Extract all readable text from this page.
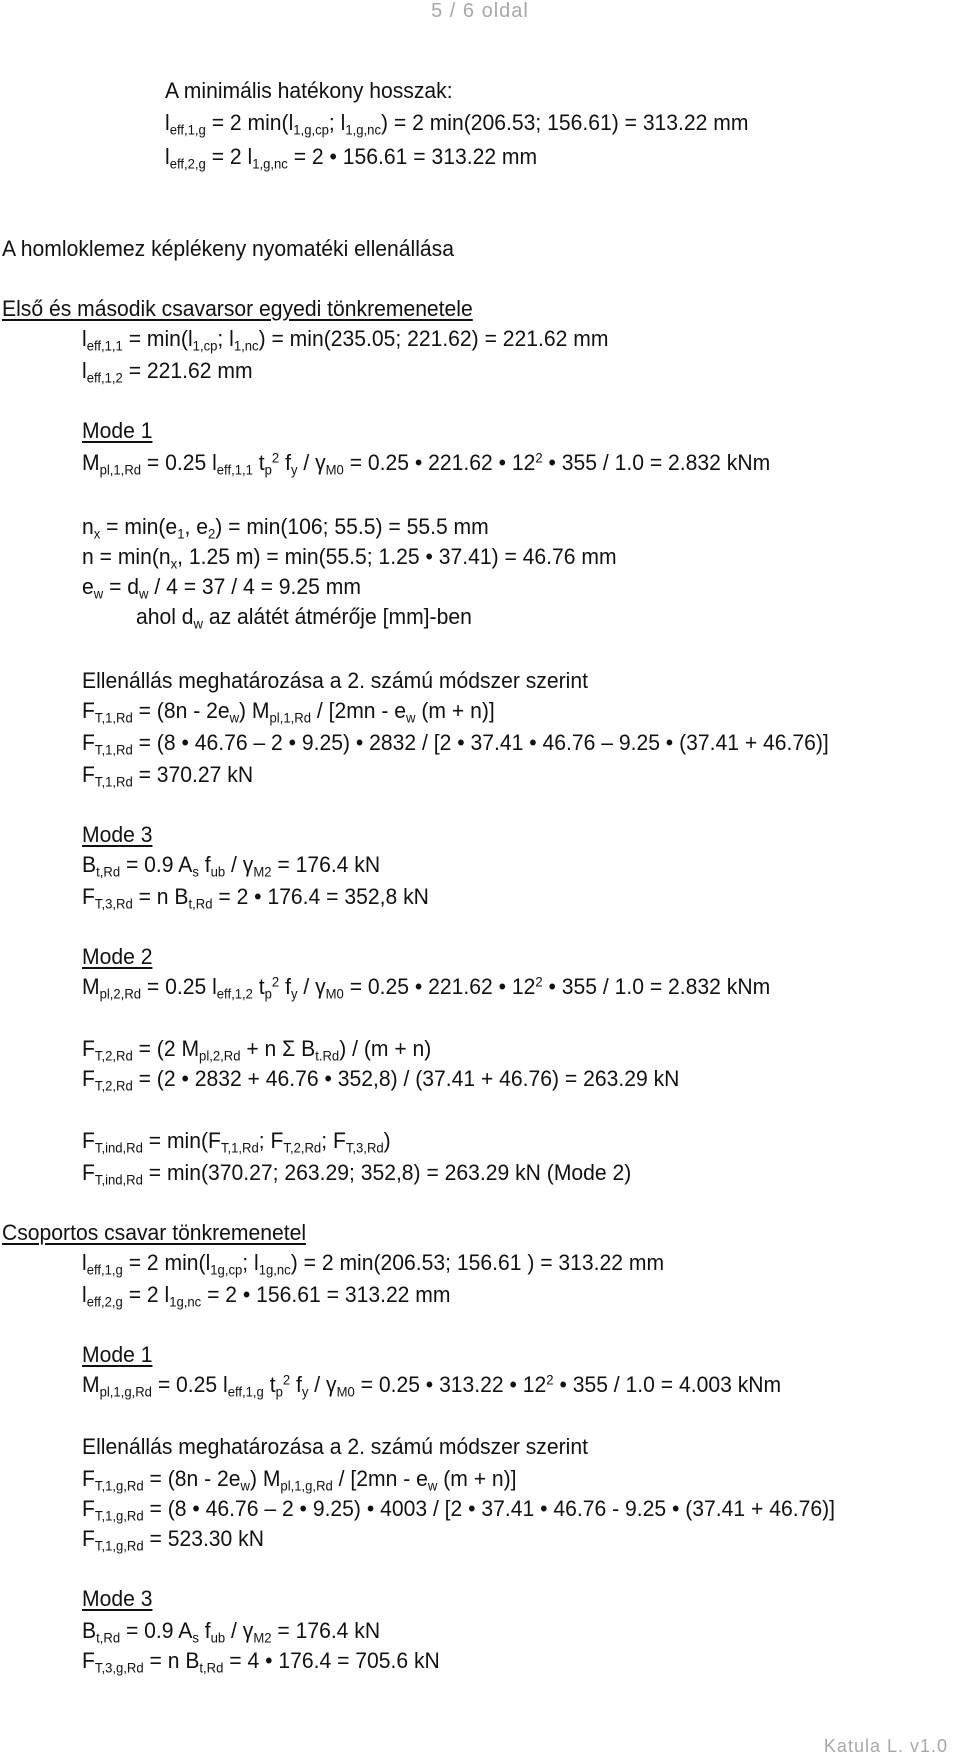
5 / 6 oldal
A minimális hatékony hosszak:
$l_{eff,1,g} = 2$ $\min(l_{1,g,cp}$; $l_{1,g,nc}) = 2$ min(206.53; 156.61) = 313.22 mm
$l_{eff,2,g} = 2$ $l_{1,g,nc} = 2$ • 156.61 = 313.22 mm
A homloklemez képlékeny nyomatéki ellenállása
Első és második csavarsor egyedi tönkremenetele
$l_{eff,1,1} = \min(l_{1,cp}$; $l_{1,nc}) = \min(235.05$; 221.62) = 221.62 mm
$l_{eff,1,2} = 221.62$ mm
Mode 1
$M_{pl,1,Rd} = 0.25$ $l_{eff,1,1}$ $t_p^2$ $f_y / \gamma_{M0} = 0.25$ • 221.62 • $12^2$ • 355 / 1.0 = 2.832 kNm
$n_x = \min(e_1$, $e_2) = \min(106$; 55.5) = 55.5 mm
$n = \min(n_x$, 1.25 m) = min(55.5; 1.25 • 37.41) = 46.76 mm
$e_w = d_w / 4 = 37 / 4 = 9.25$ mm
ahol $d_w$ az alátét átmérője [mm]-ben
Ellenállás meghatározása a 2. számú módszer szerint
$F_{T,1,Rd} = (8n - 2e_w)$ $M_{pl,1,Rd} / [2mn - e_w$ (m + n)]
$F_{T,1,Rd} = (8$ • 46.76 – 2 • 9.25) • 2832 / [2 • 37.41 • 46.76 – 9.25 • (37.41 + 46.76)]
$F_{T,1,Rd} = 370.27$ kN
Mode 3
$B_{t,Rd} = 0.9$ $A_s$ $f_{ub} / \gamma_{M2} = 176.4$ kN
$F_{T,3,Rd} = n$ $B_{t,Rd} = 2$ • 176.4 = 352,8 kN
Mode 2
$M_{pl,2,Rd} = 0.25$ $l_{eff,1,2}$ $t_p^2$ $f_y / \gamma_{M0} = 0.25$ • 221.62 • $12^2$ • 355 / 1.0 = 2.832 kNm
$F_{T,2,Rd} = (2$ $M_{pl,2,Rd} + n$ Σ $B_{t.Rd}) / (m + n)$
$F_{T,2,Rd} = (2$ • 2832 + 46.76 • 352,8) / (37.41 + 46.76) = 263.29 kN
$F_{T,ind,Rd} = \min(F_{T,1,Rd}$; $F_{T,2,Rd}$; $F_{T,3,Rd}$)
$F_{T,ind,Rd} = \min(370.27$; 263.29; 352,8) = 263.29 kN (Mode 2)
Csoportos csavar tönkremenetel
$l_{eff,1,g} = 2$ $\min(l_{1g,cp}$; $l_{1g,nc}) = 2$ min(206.53; 156.61 ) = 313.22 mm
$l_{eff,2,g} = 2$ $l_{1g,nc} = 2$ • 156.61 = 313.22 mm
Mode 1
$M_{pl,1,g,Rd} = 0.25$ $l_{eff,1,g}$ $t_p^2$ $f_y / \gamma_{M0} = 0.25$ • 313.22 • $12^2$ • 355 / 1.0 = 4.003 kNm
Ellenállás meghatározása a 2. számú módszer szerint
$F_{T,1,g,Rd} = (8n - 2e_w)$ $M_{pl,1,g,Rd} / [2mn - e_w$ (m + n)]
$F_{T,1,g,Rd} = (8$ • 46.76 – 2 • 9.25) • 4003 / [2 • 37.41 • 46.76 - 9.25 • (37.41 + 46.76)]
$F_{T,1,g,Rd} = 523.30$ kN
Mode 3
$B_{t,Rd} = 0.9$ $A_s$ $f_{ub} / \gamma_{M2} = 176.4$ kN
$F_{T,3,g,Rd} = n$ $B_{t,Rd} = 4$ • 176.4 = 705.6 kN
Katula L. v1.0
